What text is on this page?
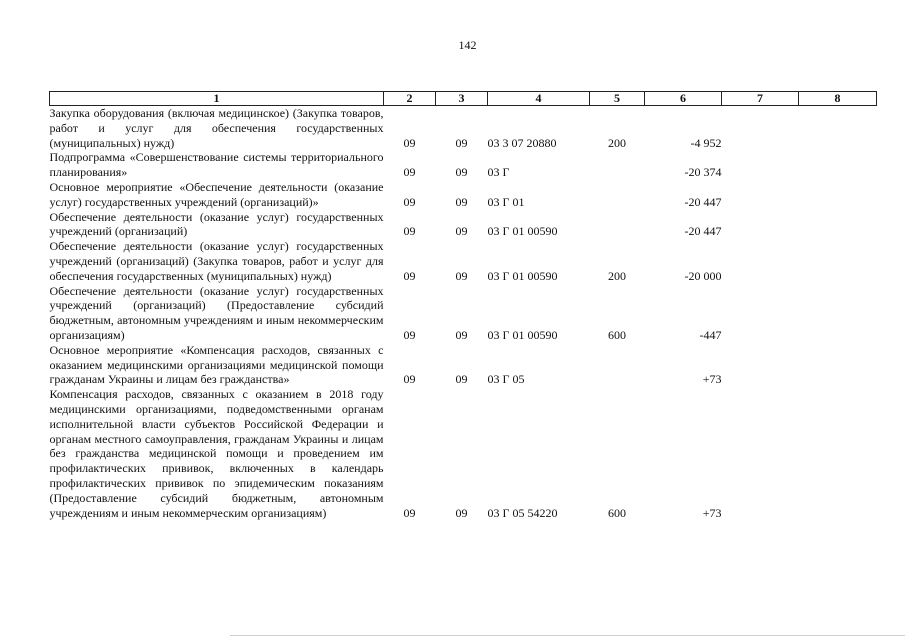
142
1	2	3	4	5	6	7	8
Закупка оборудования (включая медицинское) (Закупка товаров, работ и услуг для обеспечения государственных (муниципальных) нужд)	09	09	03 3 07 20880	200	-4 952		
Подпрограмма «Совершенствование системы территориального планирования»	09	09	03 Г		-20 374		
Основное мероприятие «Обеспечение деятельности (оказание услуг) государственных учреждений (организаций)»	09	09	03 Г 01		-20 447		
Обеспечение деятельности (оказание услуг) государственных учреждений (организаций)	09	09	03 Г 01 00590		-20 447		
Обеспечение деятельности (оказание услуг) государственных учреждений (организаций) (Закупка товаров, работ и услуг для обеспечения государственных (муниципальных) нужд)	09	09	03 Г 01 00590	200	-20 000		
Обеспечение деятельности (оказание услуг) государственных учреждений (организаций) (Предоставление субсидий бюджетным, автономным учреждениям и иным некоммерческим организациям)	09	09	03 Г 01 00590	600	-447		
Основное мероприятие «Компенсация расходов, связанных с оказанием медицинскими организациями медицинской помощи гражданам Украины и лицам без гражданства»	09	09	03 Г 05		+73		
Компенсация расходов, связанных с оказанием в 2018 году медицинскими организациями, подведомственными органам исполнительной власти субъектов Российской Федерации и органам местного самоуправления, гражданам Украины и лицам без гражданства медицинской помощи и проведением им профилактических прививок, включенных в календарь профилактических прививок по эпидемическим показаниям (Предоставление субсидий бюджетным, автономным учреждениям и иным некоммерческим организациям)	09	09	03 Г 05 54220	600	+73		
